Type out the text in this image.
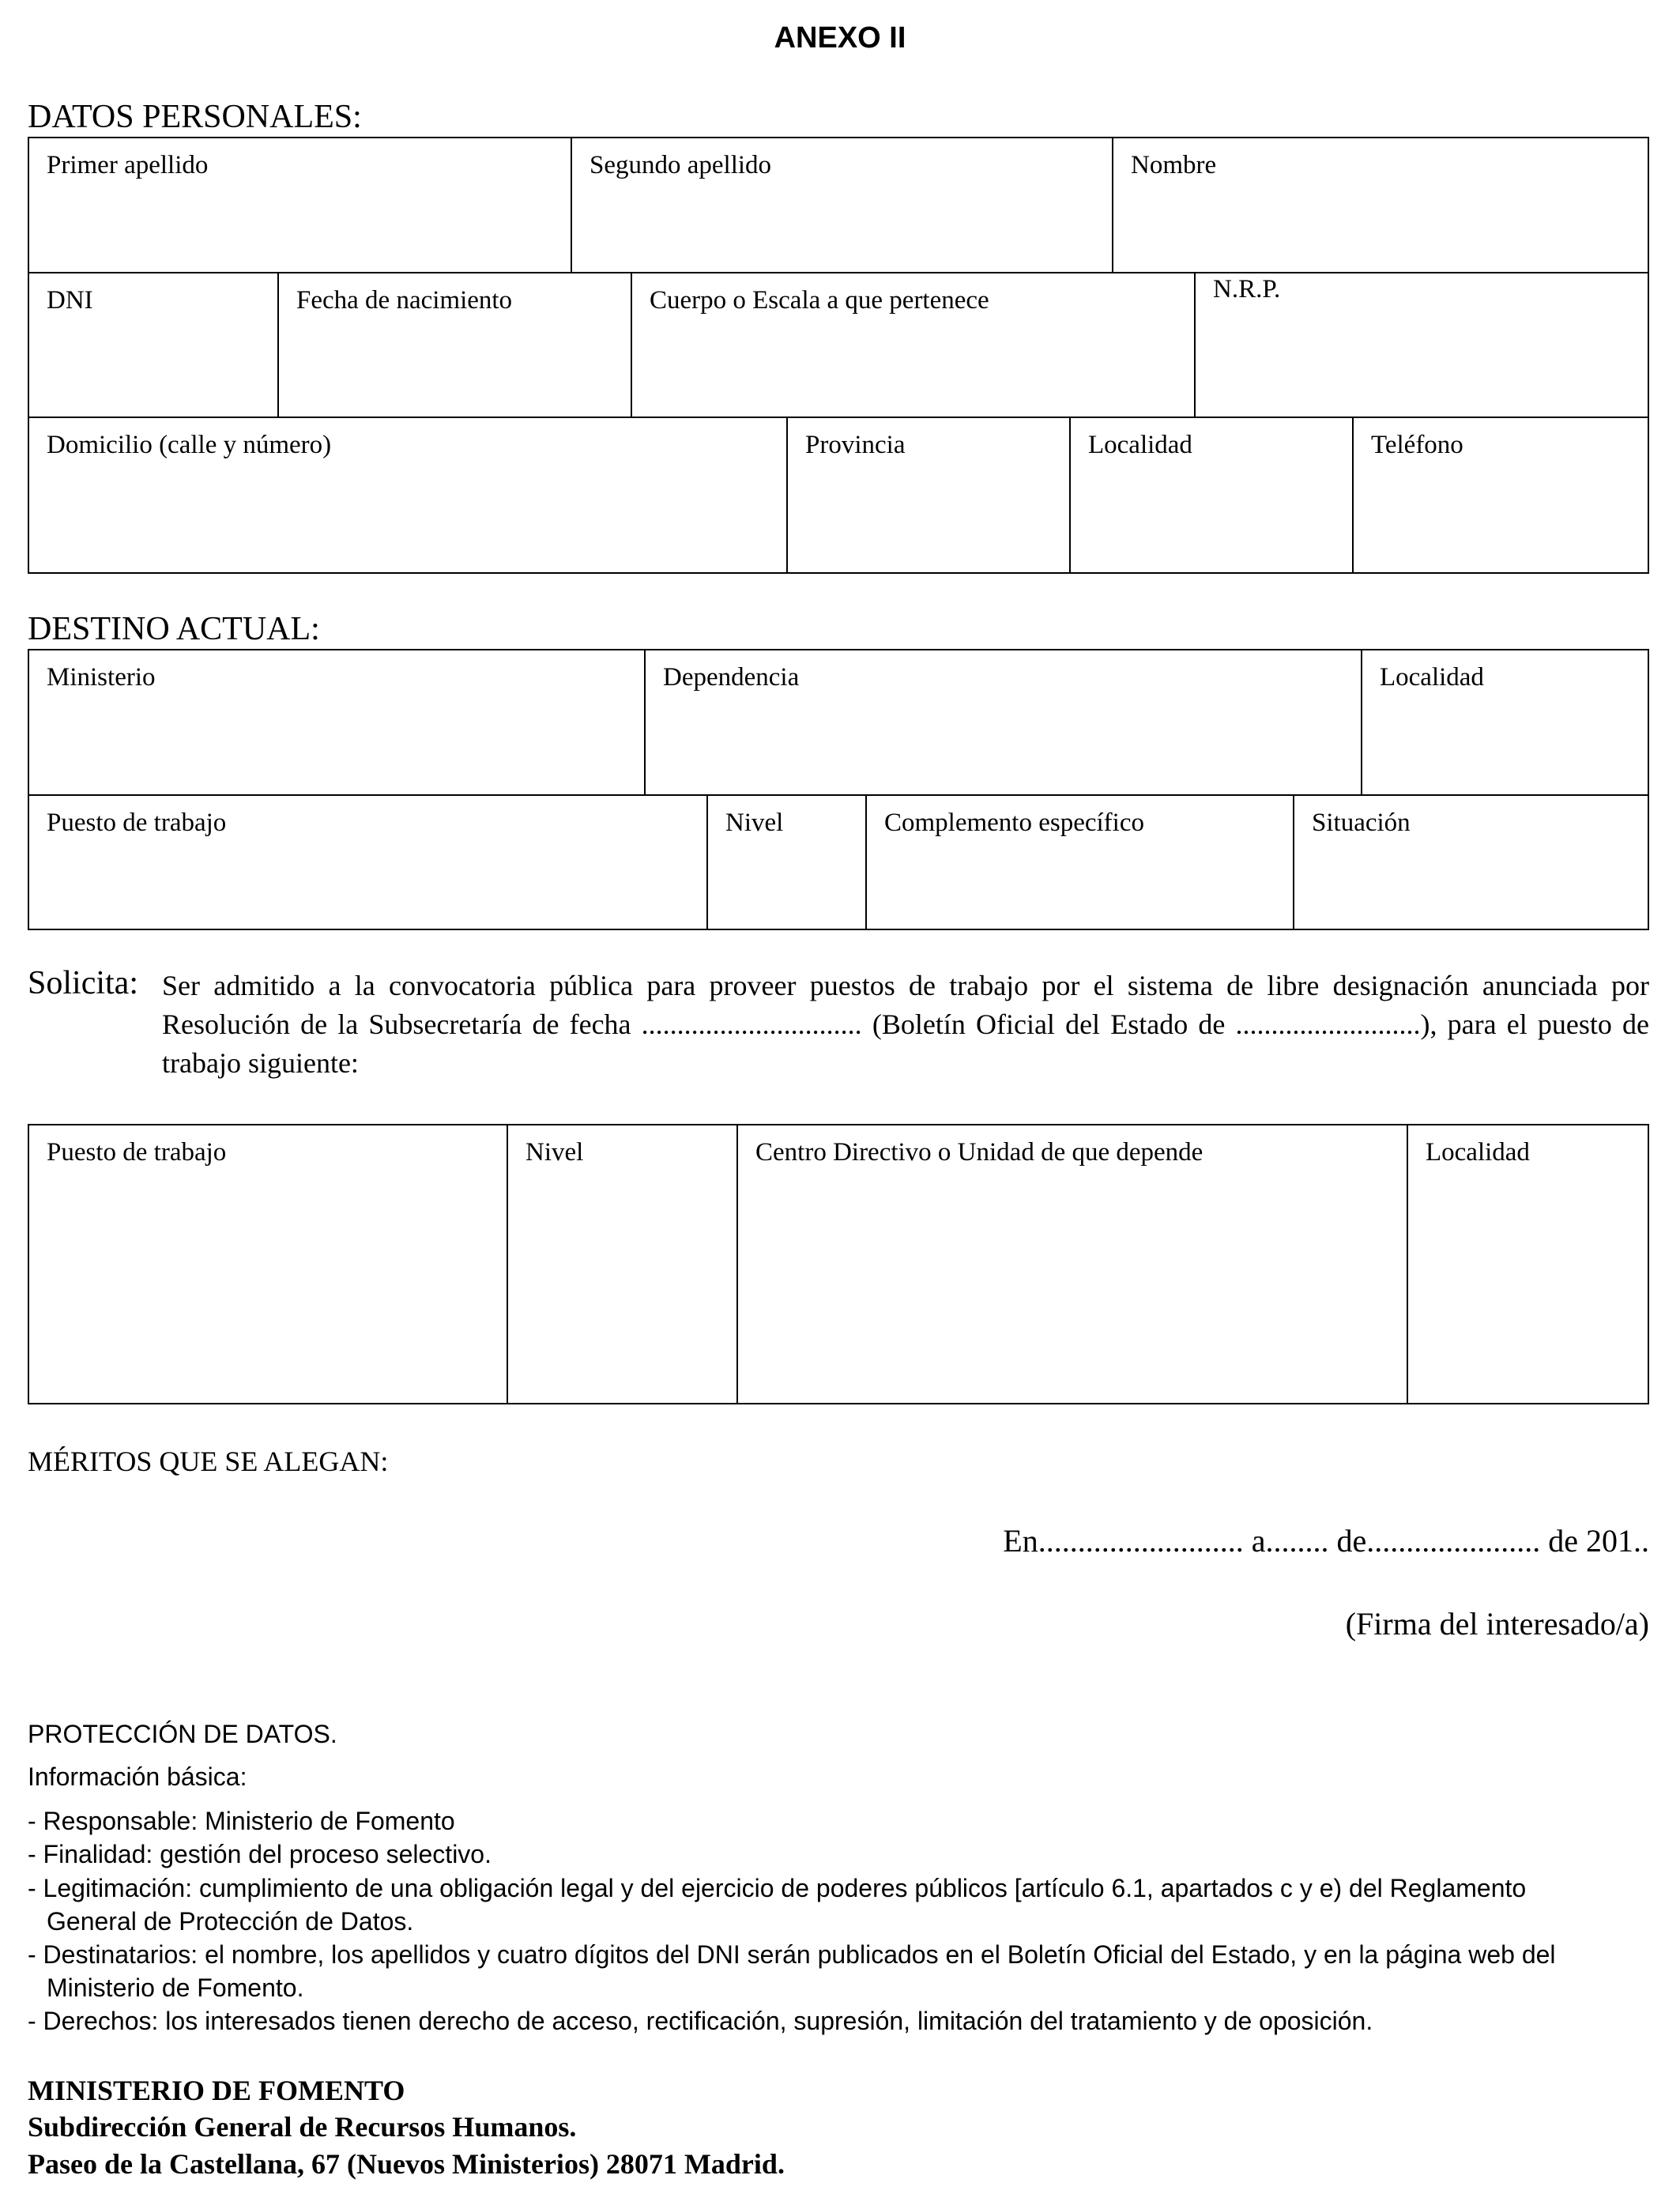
ANEXO II
DATOS PERSONALES:
Primer apellido	Segundo apellido	Nombre
DNI	Fecha de nacimiento	Cuerpo o Escala a que pertenece	N.R.P.
Domicilio (calle y número)	Provincia	Localidad	Teléfono
DESTINO ACTUAL:
Ministerio	Dependencia	Localidad
Puesto de trabajo	Nivel	Complemento específico	Situación
Solicita: Ser admitido a la convocatoria pública para proveer puestos de trabajo por el sistema de libre designación anunciada por Resolución de la Subsecretaría de fecha ............................... (Boletín Oficial del Estado de ..........................), para el puesto de trabajo siguiente:
Puesto de trabajo	Nivel	Centro Directivo o Unidad de que depende	Localidad
MÉRITOS QUE SE ALEGAN:
En.......................... a........ de...................... de 201..
(Firma del interesado/a)
PROTECCIÓN DE DATOS.
Información básica:
- Responsable: Ministerio de Fomento
- Finalidad: gestión del proceso selectivo.
- Legitimación: cumplimiento de una obligación legal y del ejercicio de poderes públicos [artículo 6.1, apartados c y e) del Reglamento General de Protección de Datos.
- Destinatarios: el nombre, los apellidos y cuatro dígitos del DNI serán publicados en el Boletín Oficial del Estado, y en la página web del Ministerio de Fomento.
- Derechos: los interesados tienen derecho de acceso, rectificación, supresión, limitación del tratamiento y de oposición.
MINISTERIO DE FOMENTO
Subdirección General de Recursos Humanos.
Paseo de la Castellana, 67 (Nuevos Ministerios) 28071 Madrid.
